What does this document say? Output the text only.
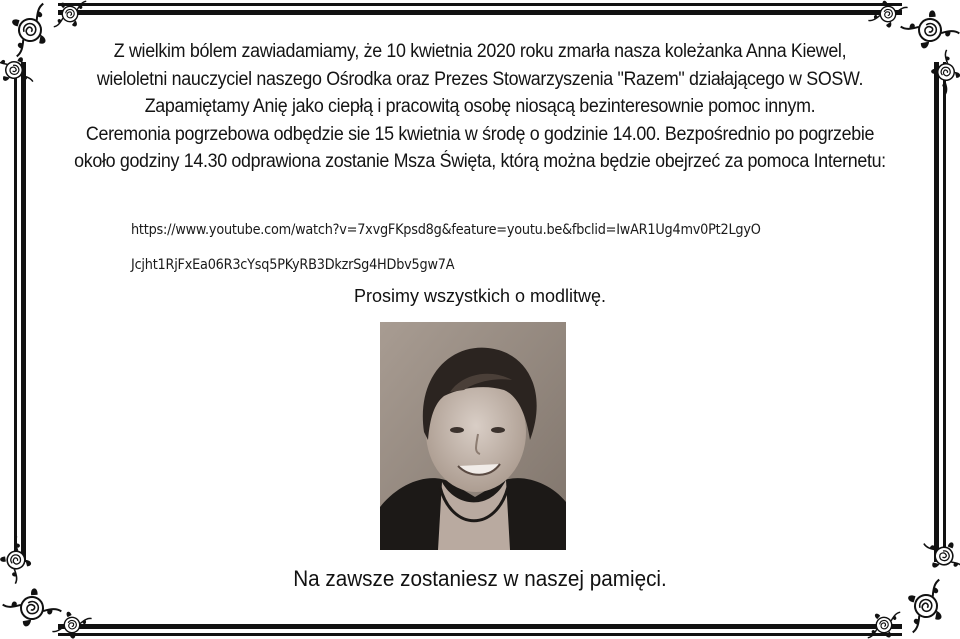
Z wielkim bólem zawiadamiamy, że 10 kwietnia 2020 roku zmarła nasza koleżanka Anna Kiewel,
wieloletni nauczyciel naszego Ośrodka oraz Prezes Stowarzyszenia "Razem" działającego w SOSW.
Zapamiętamy Anię jako ciepłą i pracowitą osobę niosącą bezinteresownie pomoc innym.
Ceremonia pogrzebowa odbędzie sie 15 kwietnia w środę o godzinie 14.00. Bezpośrednio po pogrzebie
około godziny 14.30 odprawiona zostanie Msza Święta, którą można będzie obejrzeć za pomoca Internetu:
https://www.youtube.com/watch?v=7xvgFKpsd8g&feature=youtu.be&fbclid=IwAR1Ug4mv0Pt2LgyO
Jcjht1RjFxEa06R3cYsq5PKyRB3DkzrSg4HDbv5gw7A
Prosimy wszystkich o modlitwę.
Na zawsze zostaniesz w naszej pamięci.
